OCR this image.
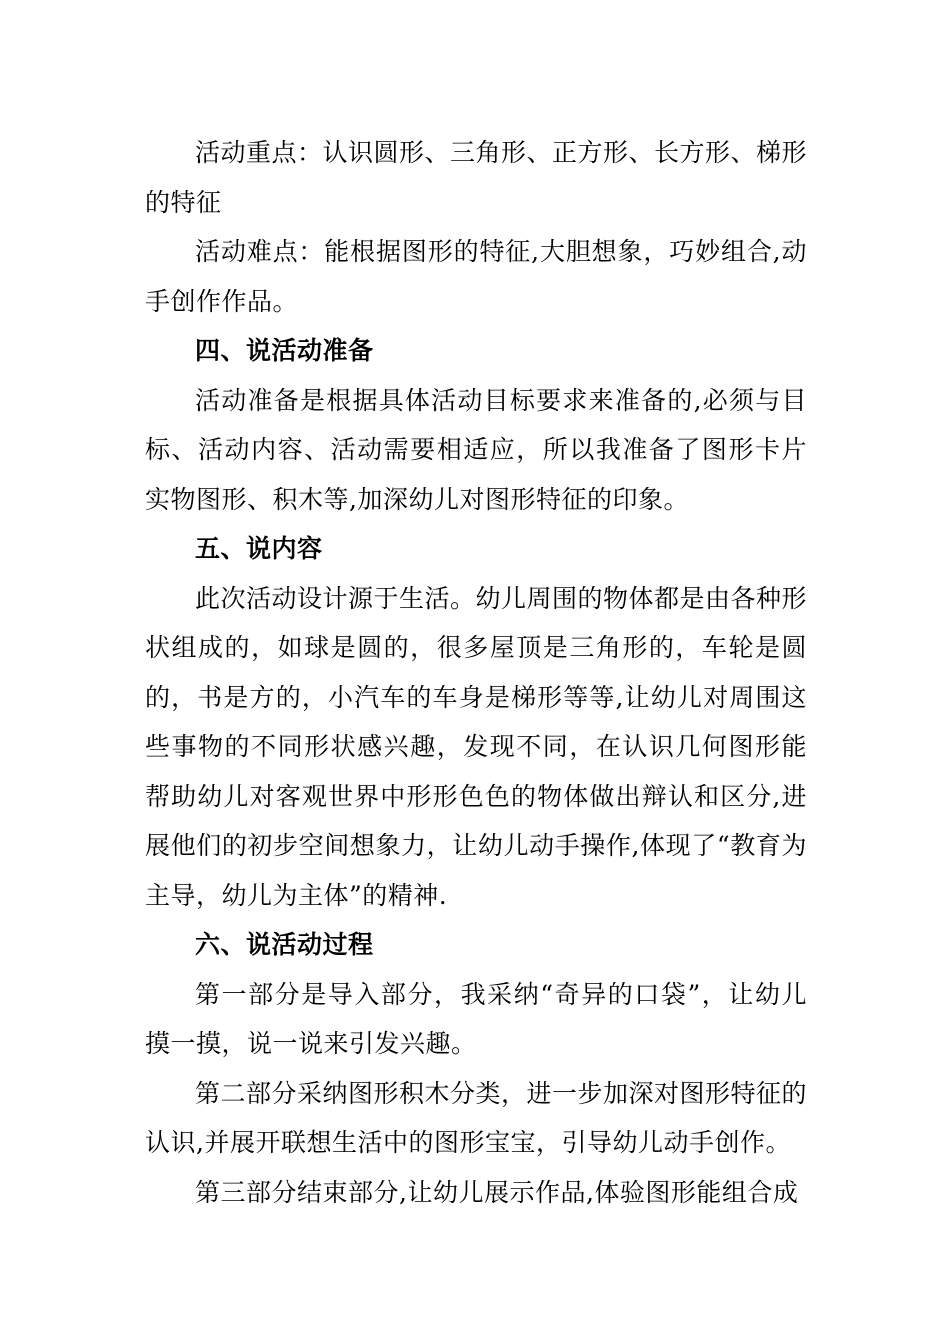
活动重点：认识圆形、三角形、正方形、长方形、梯形的特征

活动难点：能根据图形的特征,大胆想象，巧妙组合,动手创作作品。

四、说活动准备

活动准备是根据具体活动目标要求来准备的,必须与目标、活动内容、活动需要相适应，所以我准备了图形卡片实物图形、积木等,加深幼儿对图形特征的印象。

五、说内容

此次活动设计源于生活。幼儿周围的物体都是由各种形状组成的，如球是圆的，很多屋顶是三角形的，车轮是圆的，书是方的，小汽车的车身是梯形等等,让幼儿对周围这些事物的不同形状感兴趣，发现不同，在认识几何图形能帮助幼儿对客观世界中形形色色的物体做出辩认和区分,进展他们的初步空间想象力，让幼儿动手操作,体现了“教育为主导，幼儿为主体”的精神.

六、说活动过程

第一部分是导入部分，我采纳“奇异的口袋”，让幼儿摸一摸，说一说来引发兴趣。

第二部分采纳图形积木分类，进一步加深对图形特征的认识,并展开联想生活中的图形宝宝，引导幼儿动手创作。

第三部分结束部分,让幼儿展示作品,体验图形能组合成
